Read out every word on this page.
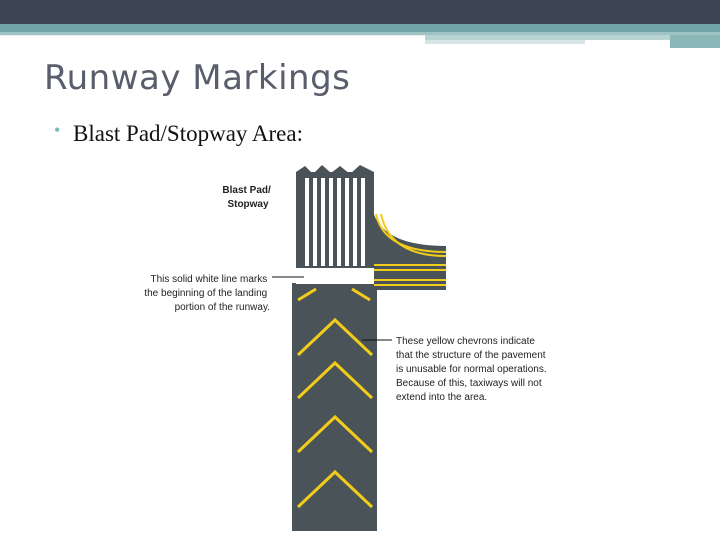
Runway Markings
• Blast Pad/Stopway Area:
Blast Pad/ Stopway
This solid white line marks the beginning of the landing portion of the runway.
These yellow chevrons indicate that the structure of the pavement is unusable for normal operations. Because of this, taxiways will not extend into the area.
